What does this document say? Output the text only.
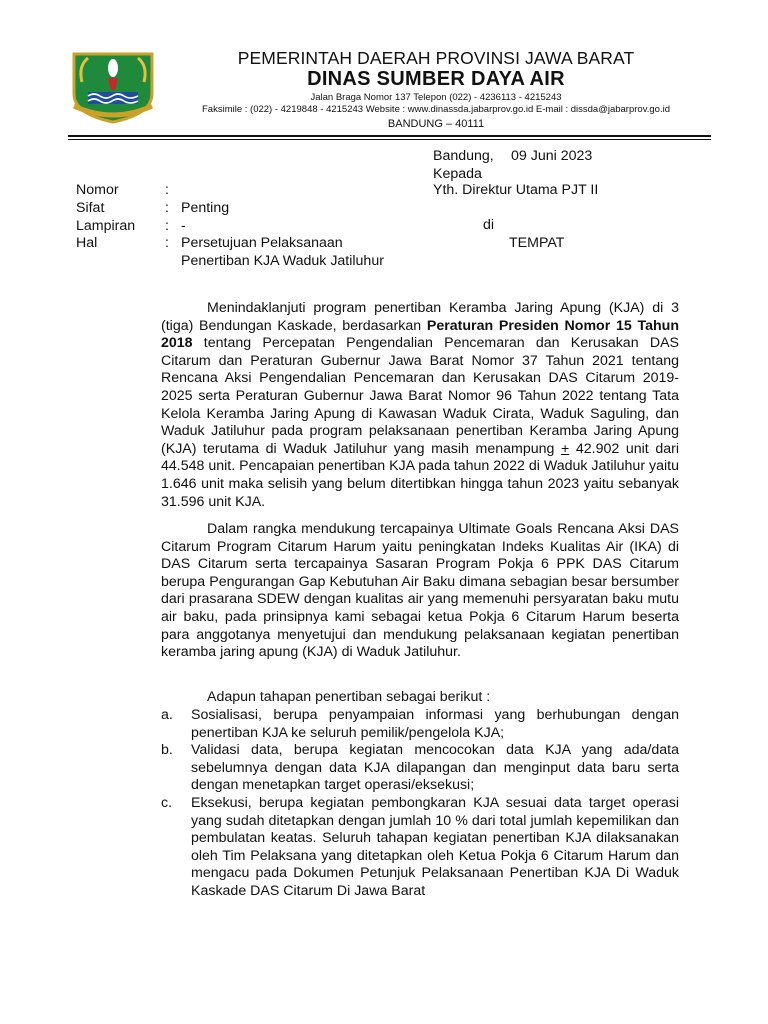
PEMERINTAH DAERAH PROVINSI JAWA BARAT
DINAS SUMBER DAYA AIR
Jalan Braga Nomor 137 Telepon (022) - 4236113 - 4215243
Faksimile : (022) - 4219848 - 4215243 Website : www.dinassda.jabarprov.go.id E-mail : dissda@jabarprov.go.id
BANDUNG – 40111
Bandung, 09 Juni 2023
Kepada
Yth. Direktur Utama PJT II
di
TEMPAT
Nomor	:
Sifat	: Penting
Lampiran : -
Hal	: Persetujuan Pelaksanaan
Penertiban KJA Waduk Jatiluhur
Menindaklanjuti program penertiban Keramba Jaring Apung (KJA) di 3 (tiga) Bendungan Kaskade, berdasarkan Peraturan Presiden Nomor 15 Tahun 2018 tentang Percepatan Pengendalian Pencemaran dan Kerusakan DAS Citarum dan Peraturan Gubernur Jawa Barat Nomor 37 Tahun 2021 tentang Rencana Aksi Pengendalian Pencemaran dan Kerusakan DAS Citarum 2019-2025 serta Peraturan Gubernur Jawa Barat Nomor 96 Tahun 2022 tentang Tata Kelola Keramba Jaring Apung di Kawasan Waduk Cirata, Waduk Saguling, dan Waduk Jatiluhur pada program pelaksanaan penertiban Keramba Jaring Apung (KJA) terutama di Waduk Jatiluhur yang masih menampung + 42.902 unit dari 44.548 unit. Pencapaian penertiban KJA pada tahun 2022 di Waduk Jatiluhur yaitu 1.646 unit maka selisih yang belum ditertibkan hingga tahun 2023 yaitu sebanyak 31.596 unit KJA.
Dalam rangka mendukung tercapainya Ultimate Goals Rencana Aksi DAS Citarum Program Citarum Harum yaitu peningkatan Indeks Kualitas Air (IKA) di DAS Citarum serta tercapainya Sasaran Program Pokja 6 PPK DAS Citarum berupa Pengurangan Gap Kebutuhan Air Baku dimana sebagian besar bersumber dari prasarana SDEW dengan kualitas air yang memenuhi persyaratan baku mutu air baku, pada prinsipnya kami sebagai ketua Pokja 6 Citarum Harum beserta para anggotanya menyetujui dan mendukung pelaksanaan kegiatan penertiban keramba jaring apung (KJA) di Waduk Jatiluhur.
Adapun tahapan penertiban sebagai berikut :
a. Sosialisasi, berupa penyampaian informasi yang berhubungan dengan penertiban KJA ke seluruh pemilik/pengelola KJA;
b. Validasi data, berupa kegiatan mencocokan data KJA yang ada/data sebelumnya dengan data KJA dilapangan dan menginput data baru serta dengan menetapkan target operasi/eksekusi;
c. Eksekusi, berupa kegiatan pembongkaran KJA sesuai data target operasi yang sudah ditetapkan dengan jumlah 10 % dari total jumlah kepemilikan dan pembulatan keatas. Seluruh tahapan kegiatan penertiban KJA dilaksanakan oleh Tim Pelaksana yang ditetapkan oleh Ketua Pokja 6 Citarum Harum dan mengacu pada Dokumen Petunjuk Pelaksanaan Penertiban KJA Di Waduk Kaskade DAS Citarum Di Jawa Barat
